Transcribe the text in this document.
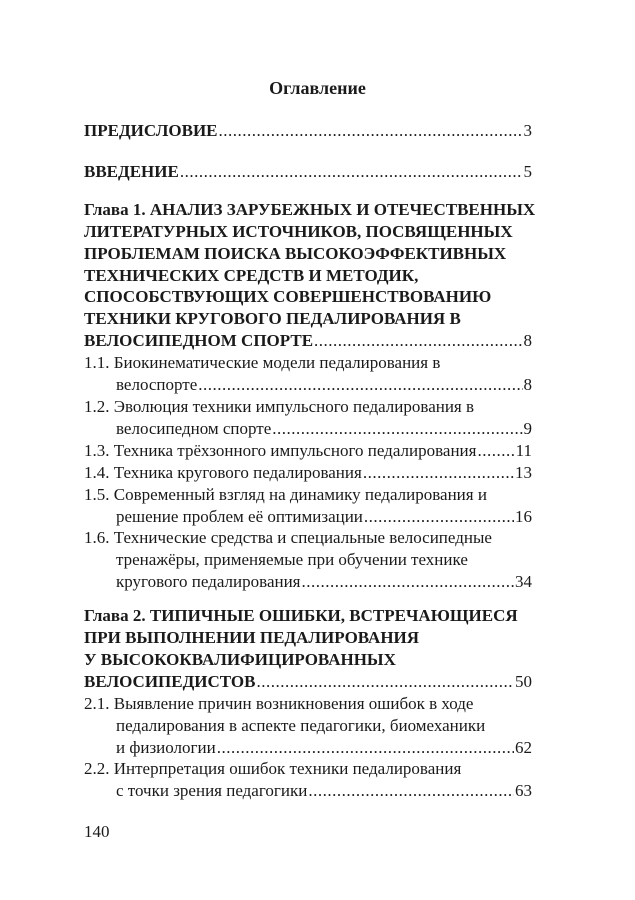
Оглавление
ПРЕДИСЛОВИЕ .....	3
ВВЕДЕНИЕ .....	5
Глава 1. АНАЛИЗ ЗАРУБЕЖНЫХ И ОТЕЧЕСТВЕННЫХ
ЛИТЕРАТУРНЫХ ИСТОЧНИКОВ, ПОСВЯЩЕННЫХ
ПРОБЛЕМАМ ПОИСКА ВЫСОКОЭФФЕКТИВНЫХ
ТЕХНИЧЕСКИХ СРЕДСТВ И МЕТОДИК,
СПОСОБСТВУЮЩИХ СОВЕРШЕНСТВОВАНИЮ
ТЕХНИКИ КРУГОВОГО ПЕДАЛИРОВАНИЯ В
ВЕЛОСИПЕДНОМ СПОРТЕ .....	8
1.1. Биокинематические модели педалирования в
велоспорте .....	8
1.2. Эволюция техники импульсного педалирования в
велосипедном спорте .....	9
1.3. Техника трёхзонного импульсного педалирования ..... 11
1.4. Техника кругового педалирования .....	13
1.5. Современный взгляд на динамику педалирования и
решение проблем её оптимизации .....	16
1.6. Технические средства и специальные велосипедные
тренажёры, применяемые при обучении технике
кругового педалирования .....	34
Глава 2. ТИПИЧНЫЕ ОШИБКИ, ВСТРЕЧАЮЩИЕСЯ
ПРИ ВЫПОЛНЕНИИ ПЕДАЛИРОВАНИЯ
У ВЫСОКОКВАЛИФИЦИРОВАННЫХ
ВЕЛОСИПЕДИСТОВ .....	50
2.1. Выявление причин возникновения ошибок в ходе
педалирования в аспекте педагогики, биомеханики
и физиологии .....	62
2.2. Интерпретация ошибок техники педалирования
с точки зрения педагогики .....	63
140
